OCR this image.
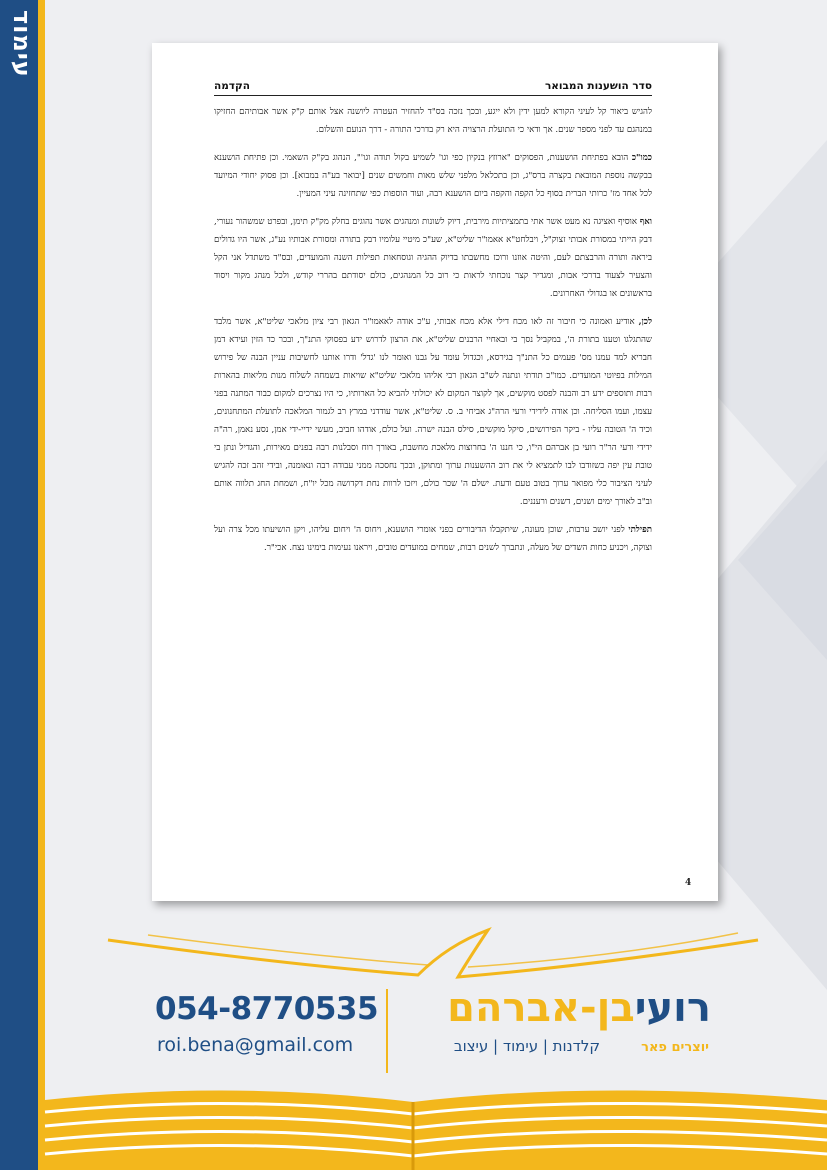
עימוד
סדר הושענות המבואר
הקדמה

להגיש ביאור קל לעיני הקורא למען ידין ולא ייגע, ובכך נזכה בס"ד להחזיר העטרה ליושנה אצל אותם ק"ק אשר אבותיהם החזיקו במנהגם עד לפני מספר שנים. אך ודאי כי התועלת הרצויה היא רק בדרכי התורה - דרך הנועם והשלום.

כמו"כ הובא בפתיחת הושענות, הפסוקים "ארוזץ בנקיון כפי וגו' לשמיע בקול תודה וגו'", הנהוג בק"ק השאמי. וכן פתיחת הושענא בבקשה נוספת המובאת בקצרה ברס"ג, וכן בתכלאל מלפני שלש מאות וחמשים שנים [יבואר בע"ה במבוא]. וכן פסוק יחודי המיועד לכל אחד מז' כרותי הברית בסוף כל הקפה והקפה ביום הושענא רבה, ועוד הוספות כפי שתחזינה עיני המעיין.

ואף אוסיף ואציגה נא מעט אשר אתי בתמציתיות מירבית, דיוק לשונות ומנהגים אשר נהוגים בחלק מק"ק תימן, ובפרט שמשהור נעורי, דבק הייתי במסורת אבותי זצוק"ל, ויבלחט"א אאמו"ר שליט"א, שע"כ מיטיי עלומיו דבק בתורה ומסורת אבותיו נע"ג, אשר היו גדולים ביראה ותורה והרבצתם לעם, והיטה אוזנו ורוכז מחשבתו בדיוק ההגיה וגוסחאות תפילות השנה והמועדים, ובס"ד משתדל אני הקל והצעיר לצעוד בדרכי אבות, ומגדיר קצר נוכחתי לראות כי רוב כל המנהגים, כולם יסודתם בהררי קודש, ולכל מנהג מקור ויסוד בראשונים או בגדולי האחרונים.

לכן, אודיע ואמונה כי חיבור זה לאו מכח דילי אלא מכח אבותי, ע"כ אודה לאאמו"ר הגאון רבי ציון מלאכי שליט"א, אשר מלבד שהתגלגו וטענו בתורת ה', במקביל נסך בי ובאחיי הרבנים שליט"א, את הרצון לדרוש ידע בפסוקי התנ"ך, ובכר כד הזין ועידא דמן חבריא למד עמנו מס' פעמים כל התנ"ך בגירסא, וכגדול עומד על גבנו ואומר לנו 'גדל' ודרו אותנו לחשיבות עניין הבנה של פירוש המילות בפיוטי המועדים. כמו"כ תודתי ונתנה לש"ב הגאון רבי אליהו מלאכי שליט"א שויאות בשמחה לשלוח מנות מליאות בהארות רבות ותוספים ידע רב והבנה לפסט מוקשים, אך לקוצר המקום לא יכולתי להביא כל הארותיו, כי היו נצרכים למקום כבוד המתנה בפני עצמו, ועמו הסליחה. וכן אודה לידידי ורעי הרה"ג אביחי ב. ס. שליט"א, אשר עודדני במרץ רב לגמור המלאכה לתועלת המתחנונים, וכיד ה' הטובה עליו - ביקר הפירושים, סיקל מוקשים, סילס הבנה ישרה. ועל כולם, אודהו חביב, מעשי ידיי-ידי אמן, נסע נאמן, רה"ה ידידי ורעי הר"ר רועי בן אברהם הי"ו, כי חננו ה' בחרוצות מלאכת מחשבת, באורך רוח וסבלנות רבה בפנים מאירות, והגדיל ונתן בי טובת עין יפה כשזודבו לבו לתמציא לי את רוב ההשענות ערוך ומתוקן, ובכך נחסכה ממני עבודה רבה ונאומנה, ובידי זהב זכה להגיש לעיני הציבור כלי מפואר ערוך בטוב טעם ודעת. ישלם ה' שכר כולם, ויזכו לרוות נחת דקדושה מכל יו"ח, ושמחת החג תלווה אותם וב"ב לאורך ימים ושנים, דשנים ורעננים.

תפילתי לפני יושב ערבות, שוכן מעונה, שיתקבלו הדיבורים בפני אומרי הושענא, ויחוס ה' ויחום עליהו, ויקן הושיעתו מכל צרה ועל וצוקה, ויכניע כחות השדים של מעלה, ונתברך לשנים רבות, שמחים במועדים טובים, ויראנו נעימות בימינו נצח. אכי"ר.

4
054-8770535
roi.bena@gmail.com
רועיבן-אברהם
קלדנות | עימוד | עיצוב	יוצרים פאר
